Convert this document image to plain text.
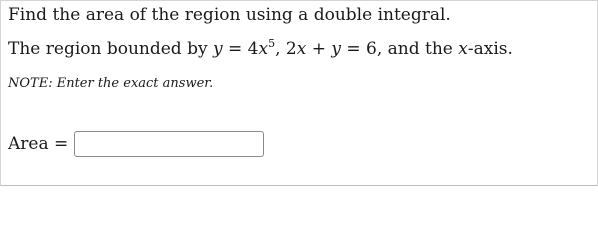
Find the area of the region using a double integral.
The region bounded by $y = 4x^5$, 2x + y = 6, and the x-axis.
NOTE: Enter the exact answer.
Area =
